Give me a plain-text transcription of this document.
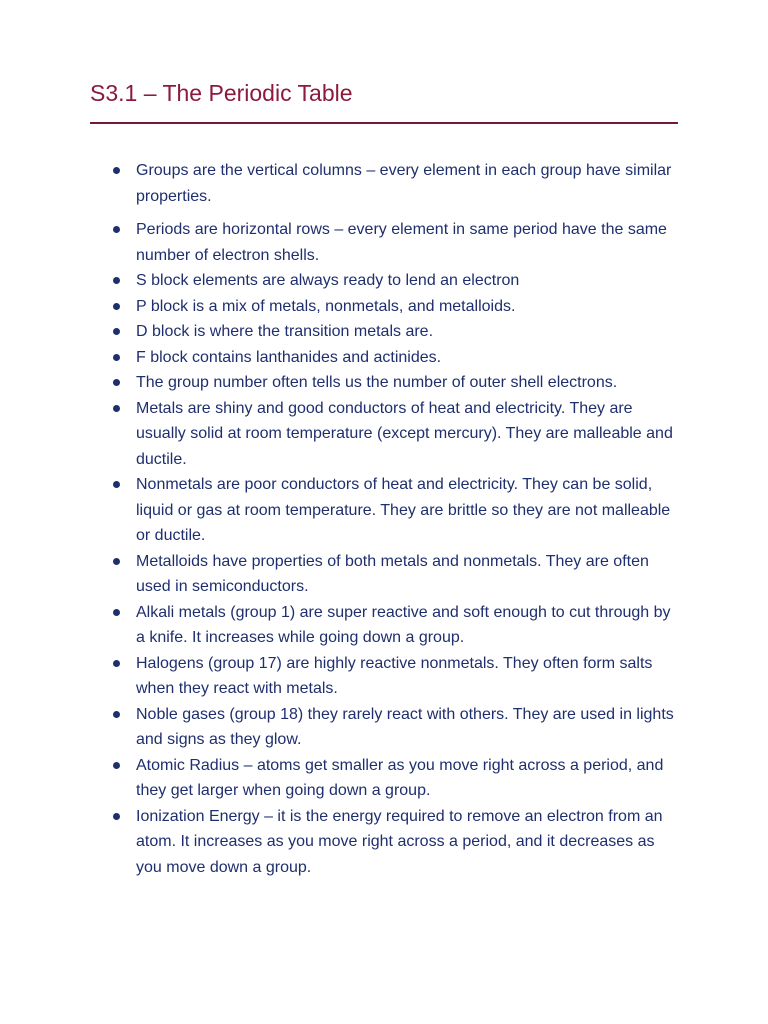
S3.1 – The Periodic Table
Groups are the vertical columns – every element in each group have similar properties.
Periods are horizontal rows – every element in same period have the same number of electron shells.
S block elements are always ready to lend an electron
P block is a mix of metals, nonmetals, and metalloids.
D block is where the transition metals are.
F block contains lanthanides and actinides.
The group number often tells us the number of outer shell electrons.
Metals are shiny and good conductors of heat and electricity. They are usually solid at room temperature (except mercury). They are malleable and ductile.
Nonmetals are poor conductors of heat and electricity. They can be solid, liquid or gas at room temperature. They are brittle so they are not malleable or ductile.
Metalloids have properties of both metals and nonmetals. They are often used in semiconductors.
Alkali metals (group 1) are super reactive and soft enough to cut through by a knife. It increases while going down a group.
Halogens (group 17) are highly reactive nonmetals. They often form salts when they react with metals.
Noble gases (group 18) they rarely react with others. They are used in lights and signs as they glow.
Atomic Radius – atoms get smaller as you move right across a period, and they get larger when going down a group.
Ionization Energy – it is the energy required to remove an electron from an atom. It increases as you move right across a period, and it decreases as you move down a group.
